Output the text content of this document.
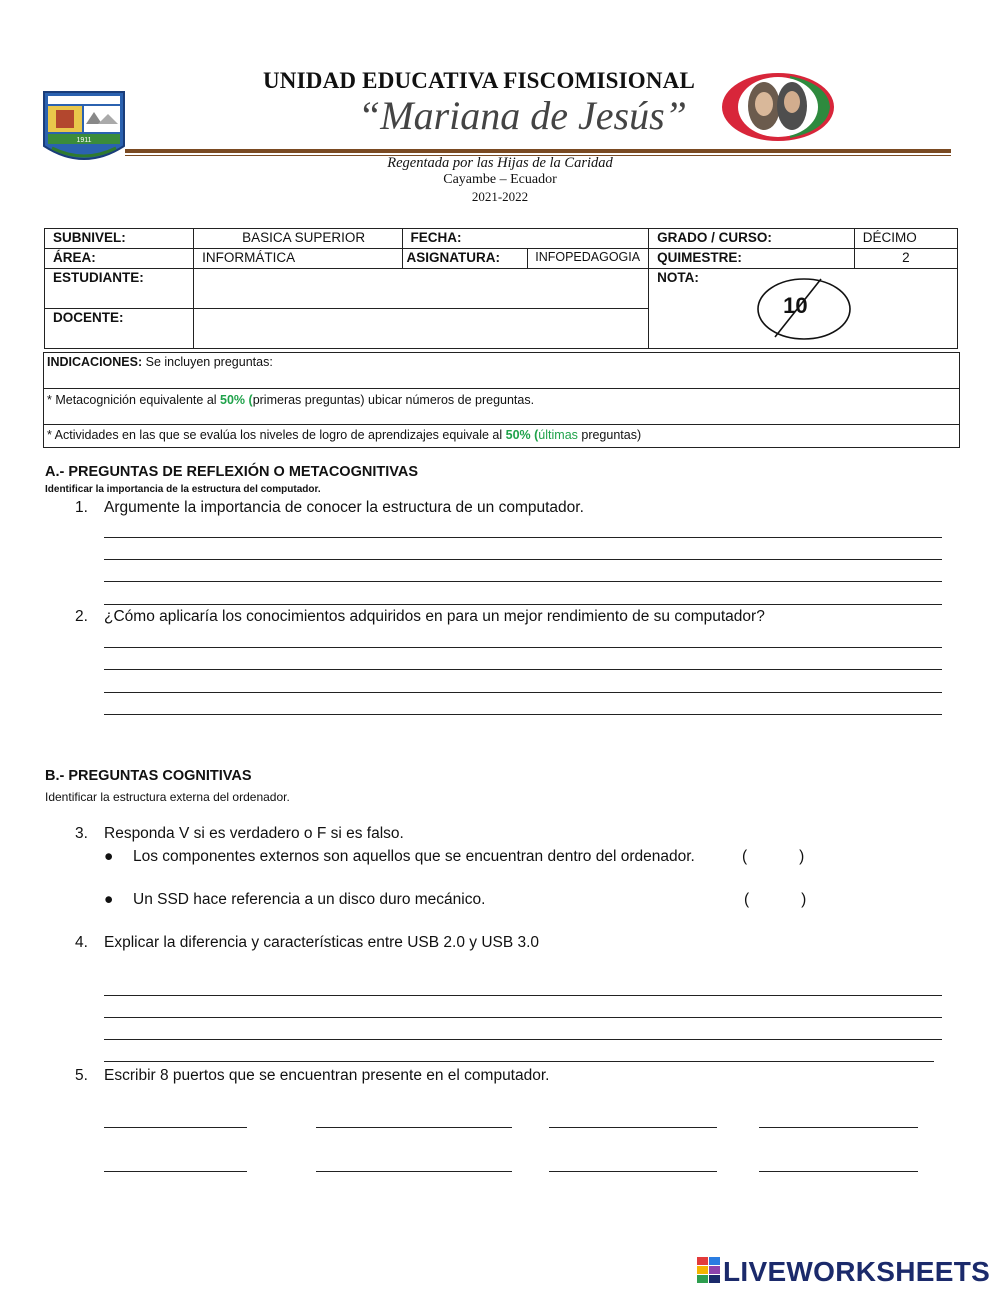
1911
UNIDAD EDUCATIVA FISCOMISIONAL
“Mariana de Jesús”
Regentada por las Hijas de la Caridad
Cayambe – Ecuador
2021-2022
SUBNIVEL:	BASICA SUPERIOR	FECHA:		GRADO / CURSO:	DÉCIMO
ÁREA:	INFORMÁTICA	ASIGNATURA:	INFOPEDAGOGIA	QUIMESTRE:	2
ESTUDIANTE:				NOTA:
10	

DOCENTE:					
INDICACIONES: Se incluyen preguntas:
* Metacognición equivalente al 50% (primeras preguntas) ubicar números de preguntas.
* Actividades en las que se evalúa los niveles de logro de aprendizajes equivale al 50% (últimas preguntas)
A.- PREGUNTAS DE REFLEXIÓN O METACOGNITIVAS
Identificar la importancia de la estructura del computador.
1. Argumente la importancia de conocer la estructura de un computador.
2. ¿Cómo aplicaría los conocimientos adquiridos en para un mejor rendimiento de su computador?
B.- PREGUNTAS COGNITIVAS
Identificar la estructura externa del ordenador.
3. Responda V si es verdadero o F si es falso.
● Los componentes externos son aquellos que se encuentran dentro del ordenador.	(	)
● Un SSD hace referencia a un disco duro mecánico.	(	)
4. Explicar la diferencia y características entre USB 2.0 y USB 3.0
5. Escribir 8 puertos que se encuentran presente en el computador.
LIVEWORKSHEETS
